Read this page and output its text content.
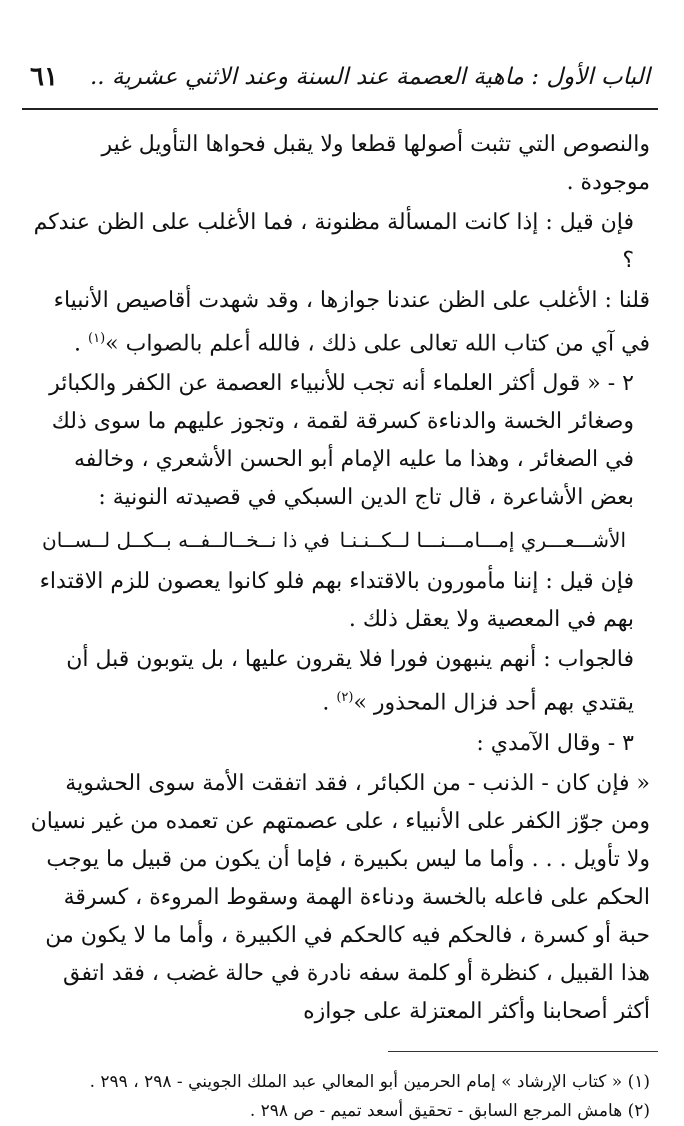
الباب الأول : ماهية العصمة عند السنة وعند الاثني عشرية ..
٦١

والنصوص التي تثبت أصولها قطعا ولا يقبل فحواها التأويل غير موجودة .

فإن قيل : إذا كانت المسألة مظنونة ، فما الأغلب على الظن عندكم ؟

قلنا : الأغلب على الظن عندنا جوازها ، وقد شهدت أقاصيص الأنبياء في آي من كتاب الله تعالى على ذلك ، فالله أعلم بالصواب »$^{(١)}$ .

٢ - « قول أكثر العلماء أنه تجب للأنبياء العصمة عن الكفر والكبائر وصغائر الخسة والدناءة كسرقة لقمة ، وتجوز عليهم ما سوى ذلك في الصغائر ، وهذا ما عليه الإمام أبو الحسن الأشعري ، وخالفه بعض الأشاعرة ، قال تاج الدين السبكي في قصيدته النونية :

الأشـــعـــري إمـــامـــنـــا لــكــنـنـا
في ذا نــخــالــفــه بــكــل لــســان

فإن قيل : إننا مأمورون بالاقتداء بهم فلو كانوا يعصون للزم الاقتداء بهم في المعصية ولا يعقل ذلك .

فالجواب : أنهم ينبهون فورا فلا يقرون عليها ، بل يتوبون قبل أن يقتدي بهم أحد فزال المحذور »$^{(٢)}$ .

٣ - وقال الآمدي :

« فإن كان - الذنب - من الكبائر ، فقد اتفقت الأمة سوى الحشوية ومن جوّز الكفر على الأنبياء ، على عصمتهم عن تعمده من غير نسيان ولا تأويل . . . وأما ما ليس بكبيرة ، فإما أن يكون من قبيل ما يوجب الحكم على فاعله بالخسة ودناءة الهمة وسقوط المروءة ، كسرقة حبة أو كسرة ، فالحكم فيه كالحكم في الكبيرة ، وأما ما لا يكون من هذا القبيل ، كنظرة أو كلمة سفه نادرة في حالة غضب ، فقد اتفق أكثر أصحابنا وأكثر المعتزلة على جوازه

(١) « كتاب الإرشاد » إمام الحرمين أبو المعالي عبد الملك الجويني - ٢٩٨ ، ٢٩٩ .

(٢) هامش المرجع السابق - تحقيق أسعد تميم - ص ٢٩٨ .
